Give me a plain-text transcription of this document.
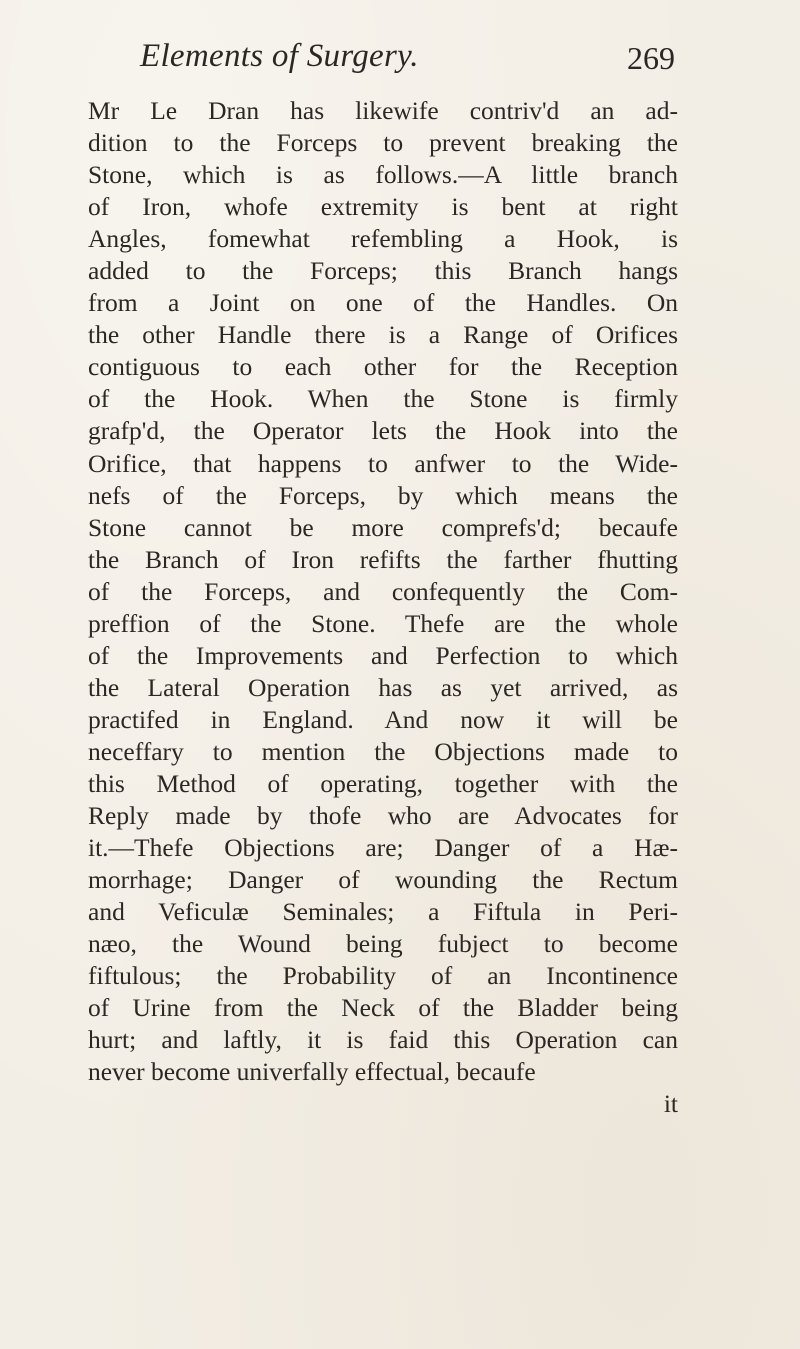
Elements of Surgery.	269
Mr Le Dran has likewife contriv'd an ad-
dition to the Forceps to prevent breaking the
Stone, which is as follows.—A little branch
of Iron, whofe extremity is bent at right
Angles, fomewhat refembling a Hook, is
added to the Forceps; this Branch hangs
from a Joint on one of the Handles. On
the other Handle there is a Range of Orifices
contiguous to each other for the Reception
of the Hook. When the Stone is firmly
grafp'd, the Operator lets the Hook into the
Orifice, that happens to anfwer to the Wide-
nefs of the Forceps, by which means the
Stone cannot be more comprefs'd; becaufe
the Branch of Iron refifts the farther fhutting
of the Forceps, and confequently the Com-
preffion of the Stone. Thefe are the whole
of the Improvements and Perfection to which
the Lateral Operation has as yet arrived, as
practifed in England. And now it will be
neceffary to mention the Objections made to
this Method of operating, together with the
Reply made by thofe who are Advocates for
it.—Thefe Objections are; Danger of a Hæ-
morrhage; Danger of wounding the Rectum
and Veficulæ Seminales; a Fiftula in Peri-
næo, the Wound being fubject to become
fiftulous; the Probability of an Incontinence
of Urine from the Neck of the Bladder being
hurt; and laftly, it is faid this Operation can
never become univerfally effectual, becaufe
it
